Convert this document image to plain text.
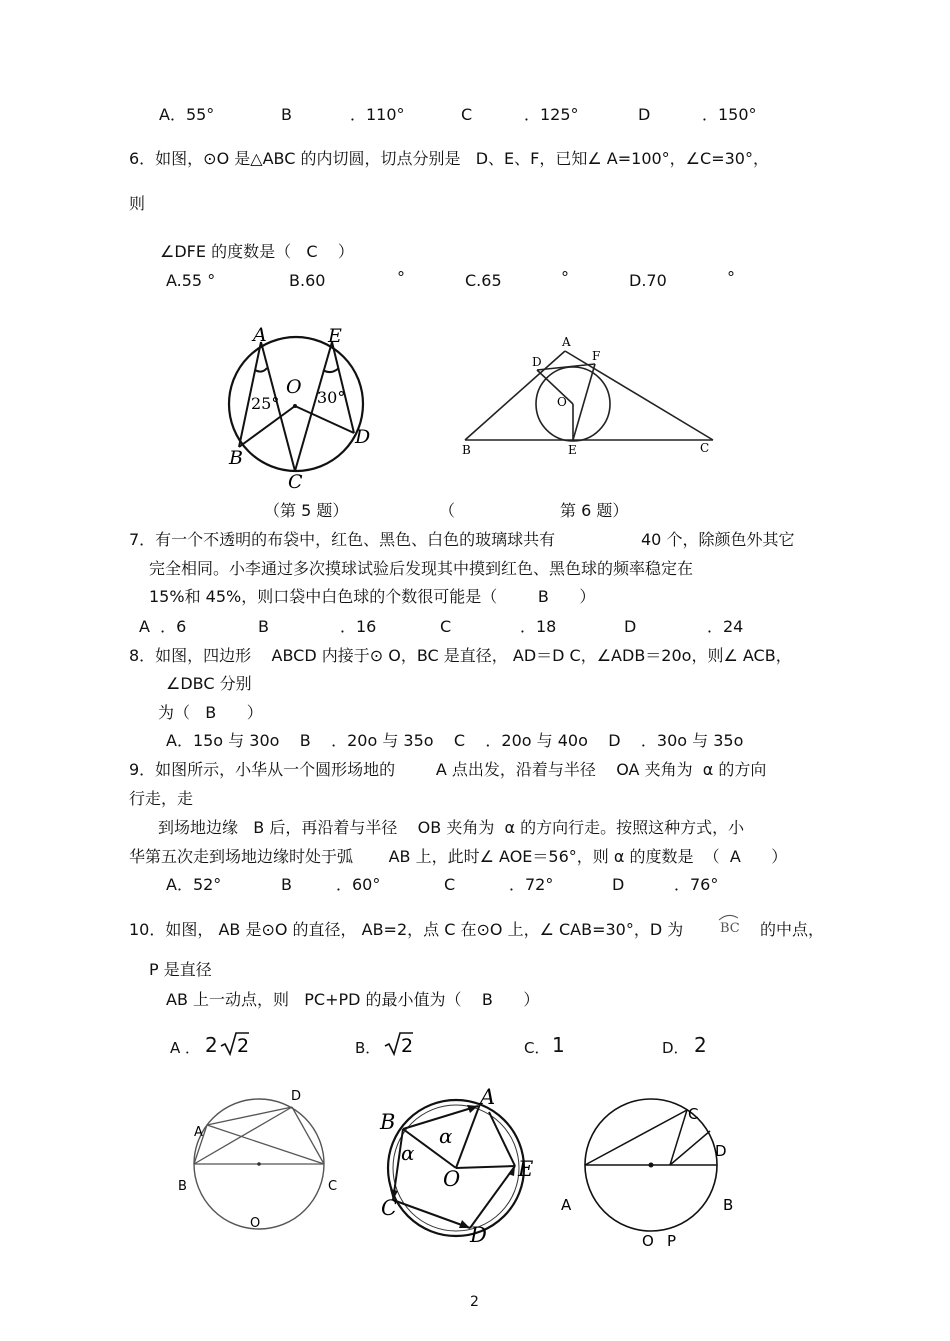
A．55°	B	．110°	C	．125°	D	．150°
6．如图，⊙O 是△ABC 的内切圆，切点分别是   D、E、F，已知∠ A=100°，∠C=30°，
则
∠DFE 的度数是（   C    ）
A.55 °	B.60	°	C.65	°	D.70	°
A	E
O
B
C
D
25° 30°
A
D	F
O
B	E	C
（第 5 题）	（	第 6 题）
7．有一个不透明的布袋中，红色、黑色、白色的玻璃球共有	40 个，除颜色外其它
完全相同。小李通过多次摸球试验后发现其中摸到红色、黑色球的频率稳定在
15%和 45%，则口袋中白色球的个数很可能是（        B      ）
A  ．6	B	．16	C	．18	D	．24
8．如图，四边形    ABCD 内接于⊙ O，BC 是直径， AD＝D C，∠ADB＝20o，则∠ ACB，
∠DBC 分别
为（   B      ）
A．15o 与 30o    B    ．20o 与 35o    C    ．20o 与 40o    D    ．30o 与 35o
9．如图所示，小华从一个圆形场地的        A 点出发，沿着与半径    OA 夹角为  α 的方向
行走，走
到场地边缘   B 后，再沿着与半径    OB 夹角为  α 的方向行走。按照这种方式，小
华第五次走到场地边缘时处于弧       AB 上，此时∠ AOE＝56°，则 α 的度数是  （  A      ）
A．52°	B	．60°	C	．72°	D	．76°
10．如图， AB 是⊙O 的直径， AB=2，点 C 在⊙O 上，∠ CAB=30°，D 为	BC 的中点，
P 是直径
AB 上一动点，则   PC+PD 的最小值为（    B      ）
A ． 2 2	B． 2	C． 1	D． 2
D
A
B	C
O
A
B
E
O
C
D
α
α
C
D
A	B
O P
2
